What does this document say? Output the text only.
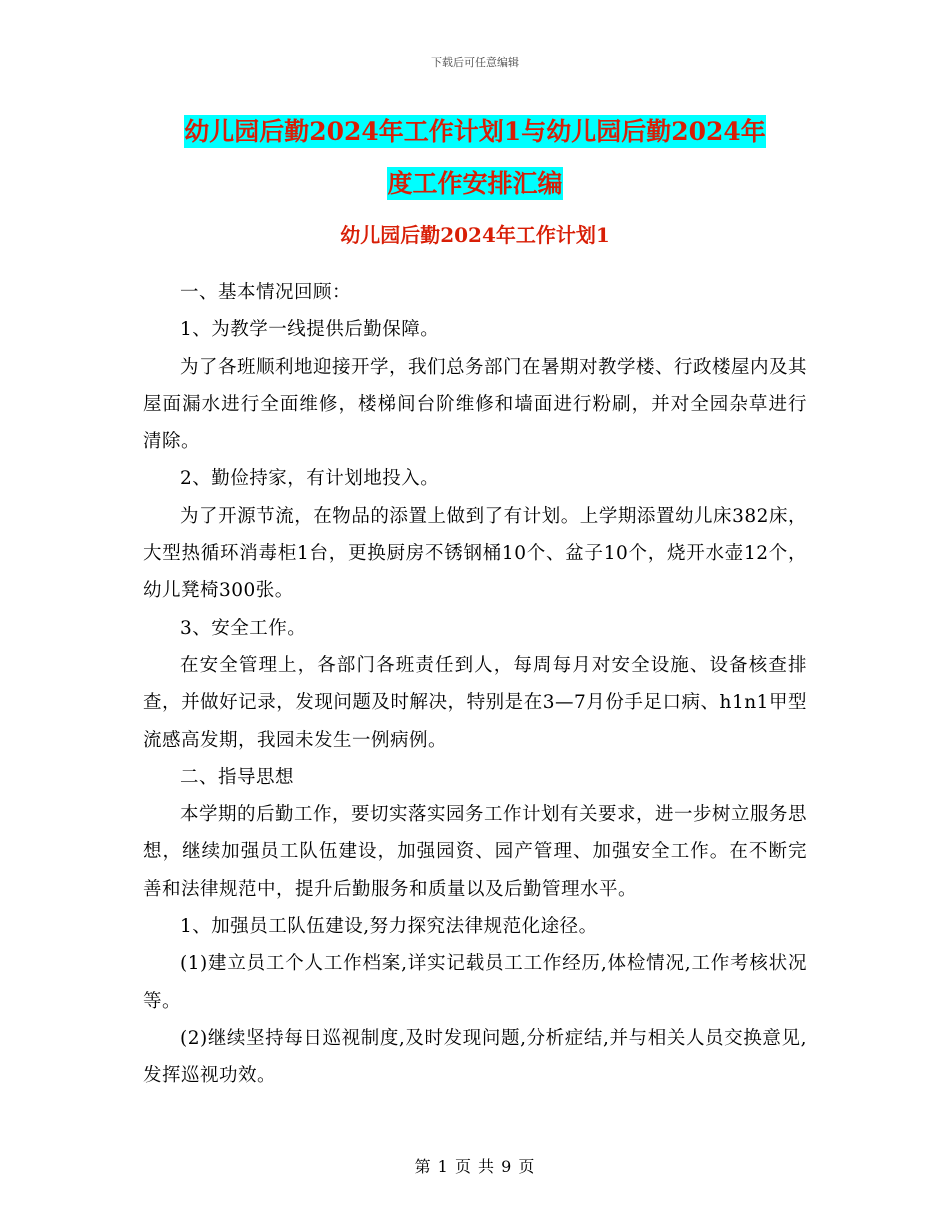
下载后可任意编辑
幼儿园后勤2024年工作计划1与幼儿园后勤2024年
度工作安排汇编
幼儿园后勤2024年工作计划1

一、基本情况回顾：

1、为教学一线提供后勤保障。

为了各班顺利地迎接开学，我们总务部门在暑期对教学楼、行政楼屋内及其屋面漏水进行全面维修，楼梯间台阶维修和墙面进行粉刷，并对全园杂草进行清除。

2、勤俭持家，有计划地投入。

为了开源节流，在物品的添置上做到了有计划。上学期添置幼儿床382床，大型热循环消毒柜1台，更换厨房不锈钢桶10个、盆子10个，烧开水壶12个，幼儿凳椅300张。

3、安全工作。

在安全管理上，各部门各班责任到人，每周每月对安全设施、设备核查排查，并做好记录，发现问题及时解决，特别是在3—7月份手足口病、h1n1甲型流感高发期，我园未发生一例病例。

二、指导思想

本学期的后勤工作，要切实落实园务工作计划有关要求，进一步树立服务思想，继续加强员工队伍建设，加强园资、园产管理、加强安全工作。在不断完善和法律规范中，提升后勤服务和质量以及后勤管理水平。

1、加强员工队伍建设,努力探究法律规范化途径。

(1)建立员工个人工作档案,详实记载员工工作经历,体检情况,工作考核状况等。

(2)继续坚持每日巡视制度,及时发现问题,分析症结,并与相关人员交换意见,发挥巡视功效。

第 1 页 共 9 页
